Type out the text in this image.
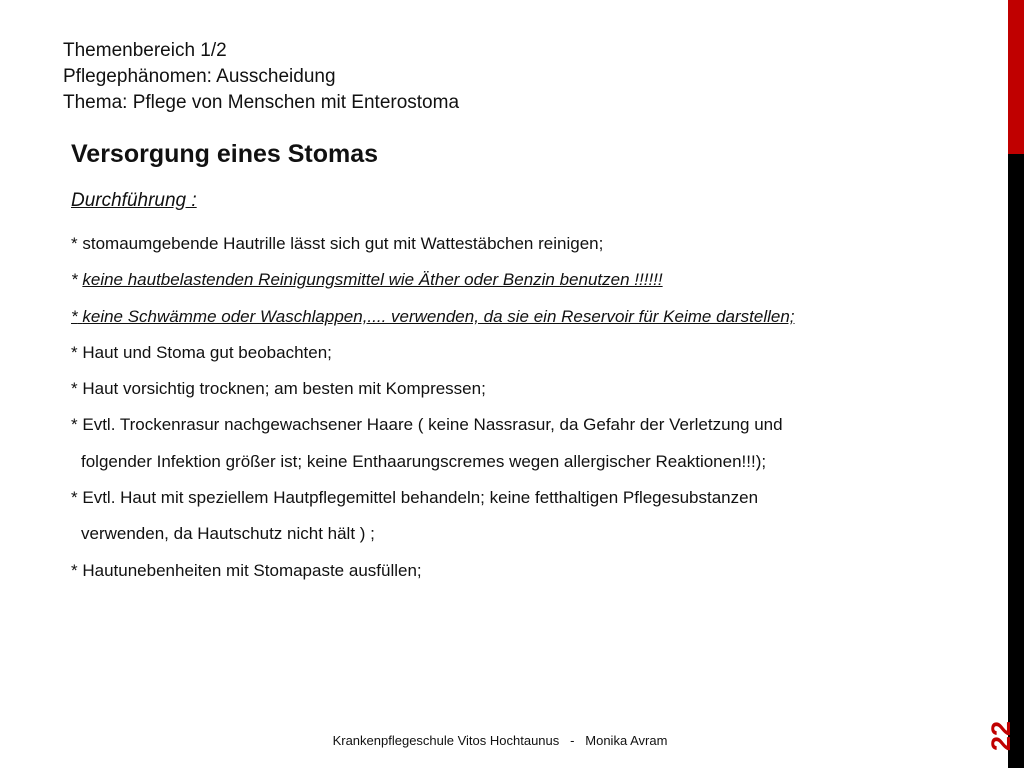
Themenbereich 1/2
Pflegephänomen: Ausscheidung
Thema: Pflege von Menschen mit Enterostoma
Versorgung eines Stomas
Durchführung :
* stomaumgebende Hautrille lässt sich gut mit Wattestäbchen reinigen;
* keine hautbelastenden Reinigungsmittel wie Äther oder Benzin benutzen !!!!!!
* keine Schwämme oder Waschlappen,.... verwenden, da sie ein Reservoir für Keime darstellen;
* Haut und Stoma gut beobachten;
* Haut vorsichtig trocknen; am besten mit Kompressen;
* Evtl. Trockenrasur nachgewachsener Haare ( keine Nassrasur, da Gefahr der Verletzung und
folgender Infektion größer ist; keine Enthaarungscremes wegen allergischer Reaktionen!!!);
* Evtl. Haut mit speziellem Hautpflegemittel behandeln; keine fetthaltigen Pflegesubstanzen
verwenden, da Hautschutz nicht hält ) ;
* Hautunebenheiten mit Stomapaste ausfüllen;
Krankenpflegeschule Vitos Hochtaunus   -   Monika Avram	22
